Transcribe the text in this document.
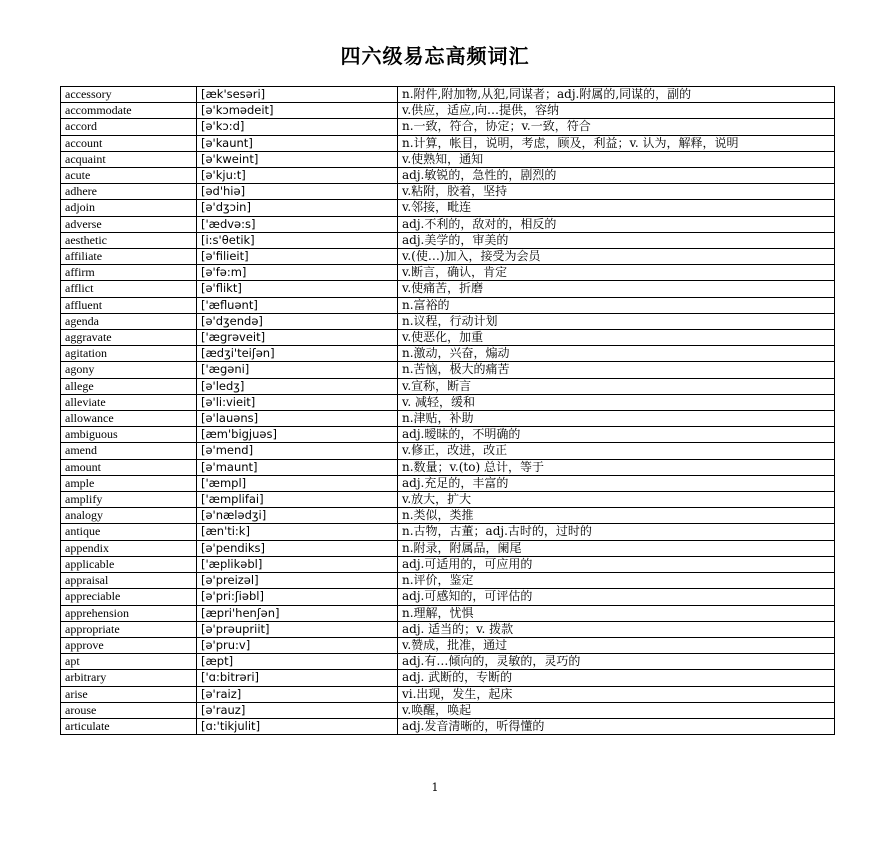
四六级易忘高频词汇
accessory	[æk'sesəri]	n.附件,附加物,从犯,同谋者；adj.附属的,同谋的，副的
accommodate	[ə'kɔmədeit]	v.供应，适应,向…提供，容纳
accord	[ə'kɔ:d]	n.一致，符合，协定；v.一致，符合
account	[ə'kaunt]	n.计算，帐目，说明，考虑，顾及，利益；v. 认为，解释，说明
acquaint	[ə'kweint]	v.使熟知，通知
acute	[ə'kju:t]	adj.敏锐的，急性的，剧烈的
adhere	[əd'hiə]	v.粘附，胶着，坚持
adjoin	[ə'dʒɔin]	v.邻接，毗连
adverse	['ædvə:s]	adj.不利的，敌对的，相反的
aesthetic	[i:s'θetik]	adj.美学的，审美的
affiliate	[ə'filieit]	v.(使…)加入，接受为会员
affirm	[ə'fə:m]	v.断言，确认，肯定
afflict	[ə'flikt]	v.使痛苦，折磨
affluent	['æfluənt]	n.富裕的
agenda	[ə'dʒendə]	n.议程，行动计划
aggravate	['ægrəveit]	v.使恶化，加重
agitation	[ædʒi'teiʃən]	n.激动，兴奋，煽动
agony	['ægəni]	n.苦恼，极大的痛苦
allege	[ə'ledʒ]	v.宣称，断言
alleviate	[ə'li:vieit]	v. 减轻，缓和
allowance	[ə'lauəns]	n.津贴，补助
ambiguous	[æm'bigjuəs]	adj.暧昧的，不明确的
amend	[ə'mend]	v.修正，改进，改正
amount	[ə'maunt]	n.数量；v.(to) 总计，等于
ample	['æmpl]	adj.充足的，丰富的
amplify	['æmplifai]	v.放大，扩大
analogy	[ə'nælədʒi]	n.类似，类推
antique	[æn'ti:k]	n.古物，古董；adj.古时的，过时的
appendix	[ə'pendiks]	n.附录，附属品，阑尾
applicable	['æplikəbl]	adj.可适用的，可应用的
appraisal	[ə'preizəl]	n.评价，鉴定
appreciable	[ə'pri:ʃiəbl]	adj.可感知的，可评估的
apprehension	[æpri'henʃən]	n.理解，忧惧
appropriate	[ə'prəupriit]	adj. 适当的；v. 拨款
approve	[ə'pru:v]	v.赞成，批准，通过
apt	[æpt]	adj.有…倾向的，灵敏的，灵巧的
arbitrary	['ɑ:bitrəri]	adj. 武断的，专断的
arise	[ə'raiz]	vi.出现，发生，起床
arouse	[ə'rauz]	v.唤醒，唤起
articulate	[ɑ:'tikjulit]	adj.发音清晰的，听得懂的
1
